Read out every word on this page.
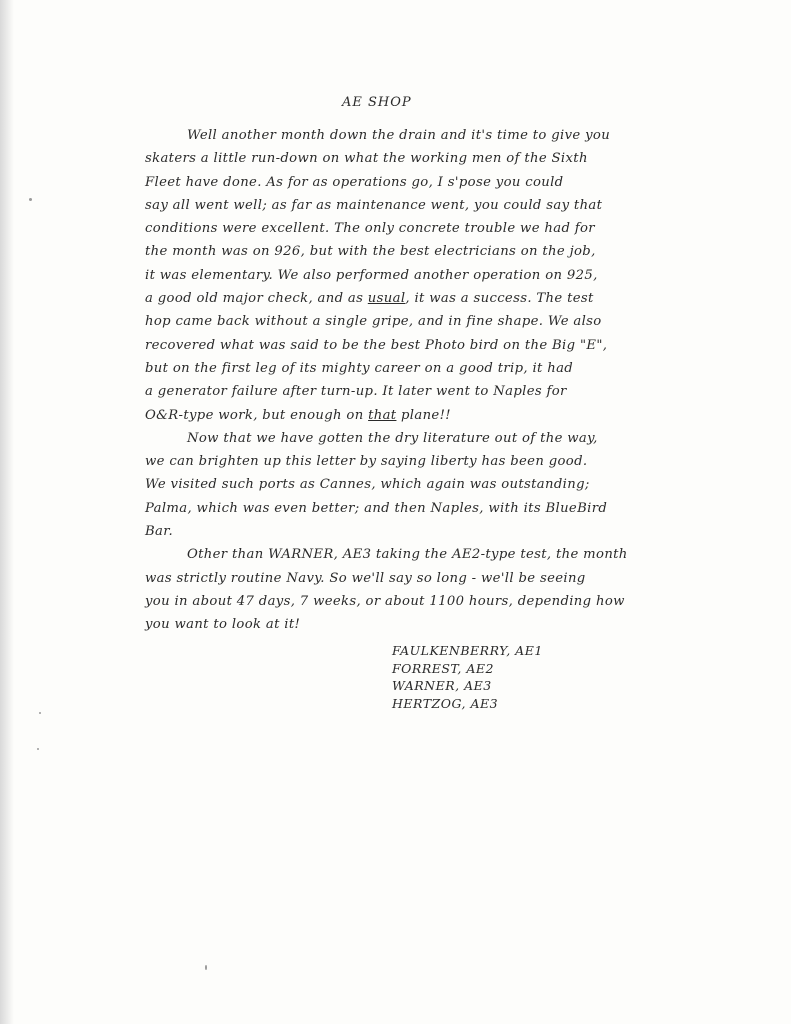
AE SHOP
Well another month down the drain and it's time to give you
skaters a little run-down on what the working men of the Sixth
Fleet have done. As for as operations go, I s'pose you could
say all went well; as far as maintenance went, you could say that
conditions were excellent. The only concrete trouble we had for
the month was on 926, but with the best electricians on the job,
it was elementary. We also performed another operation on 925,
a good old major check, and as usual, it was a success. The test
hop came back without a single gripe, and in fine shape. We also
recovered what was said to be the best Photo bird on the Big "E",
but on the first leg of its mighty career on a good trip, it had
a generator failure after turn-up. It later went to Naples for
O&R-type work, but enough on that plane!!
Now that we have gotten the dry literature out of the way,
we can brighten up this letter by saying liberty has been good.
We visited such ports as Cannes, which again was outstanding;
Palma, which was even better; and then Naples, with its BlueBird
Bar.
Other than WARNER, AE3 taking the AE2-type test, the month
was strictly routine Navy. So we'll say so long - we'll be seeing
you in about 47 days, 7 weeks, or about 1100 hours, depending how
you want to look at it!
FAULKENBERRY, AE1
FORREST, AE2
WARNER, AE3
HERTZOG, AE3
